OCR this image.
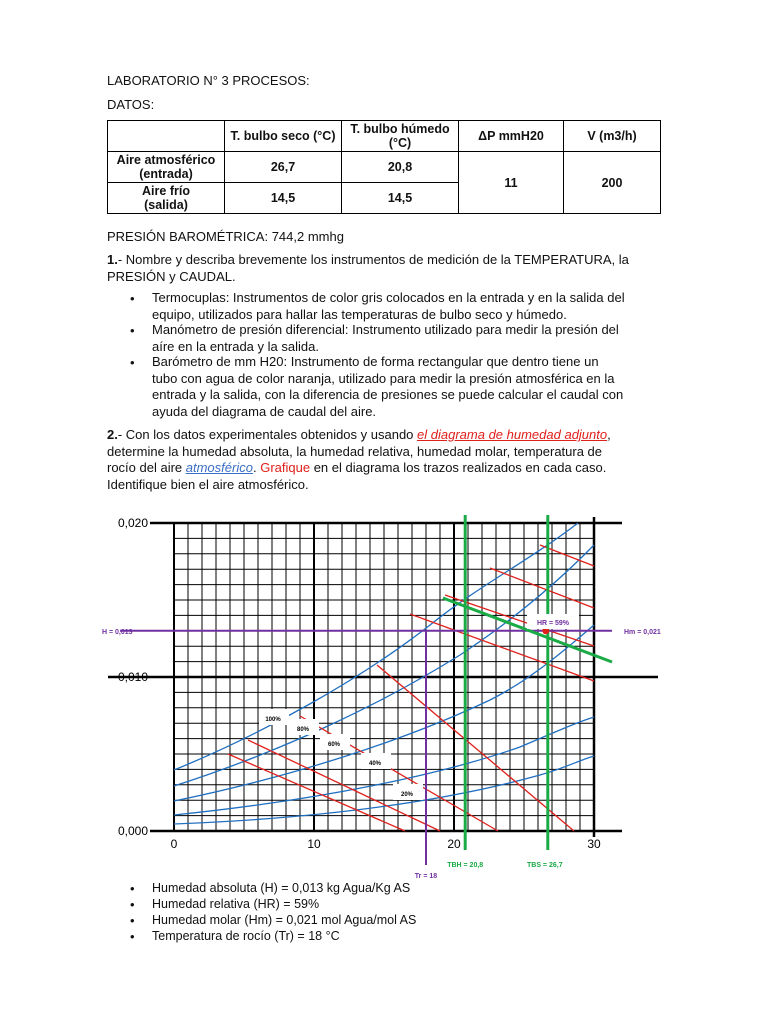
LABORATORIO N° 3 PROCESOS:
DATOS:
	T. bulbo seco (°C)	T. bulbo húmedo (°C)	ΔP mmH20	V (m3/h)
Aire atmosférico
(entrada)	26,7	20,8	11	200
Aire frío
(salida)	14,5	14,5		
PRESIÓN BAROMÉTRICA: 744,2 mmhg
1.- Nombre y describa brevemente los instrumentos de medición de la TEMPERATURA, la
PRESIÓN y CAUDAL.
• Termocuplas: Instrumentos de color gris colocados en la entrada y en la salida del
equipo, utilizados para hallar las temperaturas de bulbo seco y húmedo.
• Manómetro de presión diferencial: Instrumento utilizado para medir la presión del
aíre en la entrada y la salida.
• Barómetro de mm H20: Instrumento de forma rectangular que dentro tiene un
tubo con agua de color naranja, utilizado para medir la presión atmosférica en la
entrada y la salida, con la diferencia de presiones se puede calcular el caudal con
ayuda del diagrama de caudal del aire.
2.- Con los datos experimentales obtenidos y usando el diagrama de humedad adjunto,
determine la humedad absoluta, la humedad relativa, humedad molar, temperatura de
rocío del aire atmosférico. Grafique en el diagrama los trazos realizados en cada caso.
Identifique bien el aire atmosférico.
0,000
0,010
0,020
0	10	20	30
100%
80%
60%
40%
20%
H = 0,013	Hm = 0,021
HR = 59%
Tr = 18
TBH = 20,8	TBS = 26,7
• Humedad absoluta (H) = 0,013 kg Agua/Kg AS
• Humedad relativa (HR) = 59%
• Humedad molar (Hm) = 0,021 mol Agua/mol AS
• Temperatura de rocío (Tr) = 18 °C
